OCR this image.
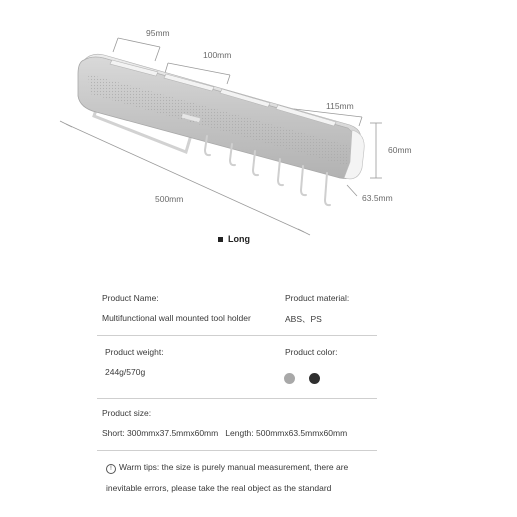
95mm
100mm
115mm
60mm
500mm	63.5mm
Long
Product Name:	Product material:
Multifunctional wall mounted tool holder	ABS、PS
Product weight:	Product color:
244g/570g
Product size:
Short: 300mmx37.5mmx60mm   Length: 500mmx63.5mmx60mm
! Warm tips: the size is purely manual measurement, there are
inevitable errors, please take the real object as the standard
